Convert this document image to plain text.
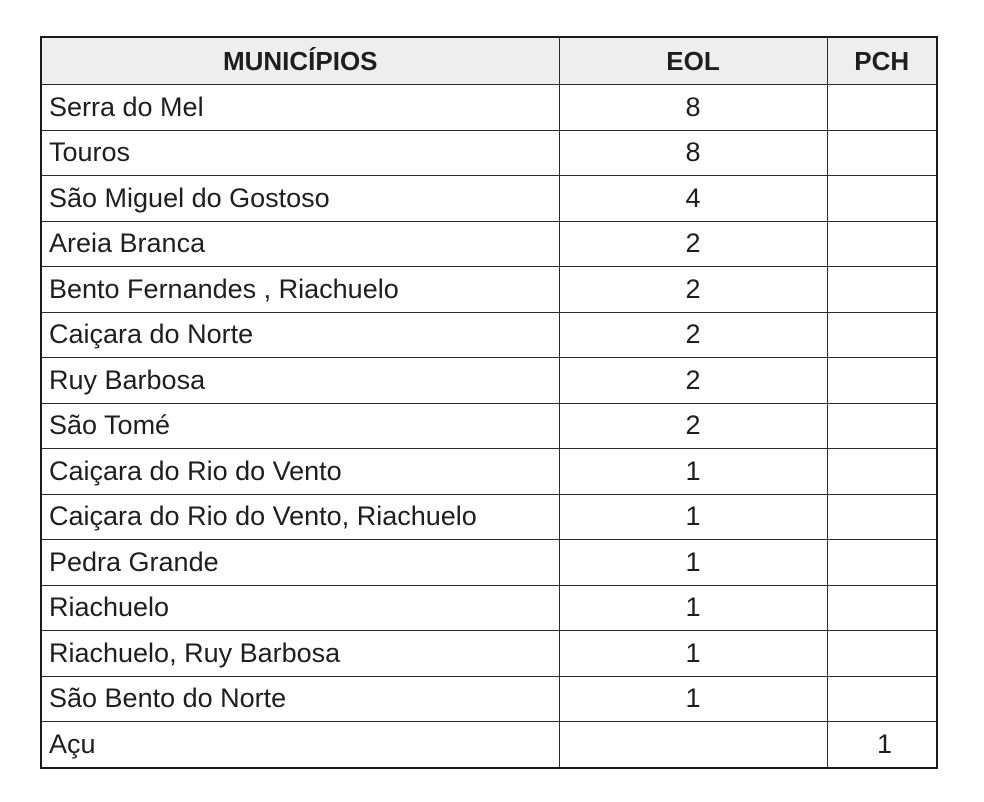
MUNICÍPIOS	EOL	PCH
Serra do Mel	8	
Touros	8	
São Miguel do Gostoso	4	
Areia Branca	2	
Bento Fernandes , Riachuelo	2	
Caiçara do Norte	2	
Ruy Barbosa	2	
São Tomé	2	
Caiçara do Rio do Vento	1	
Caiçara do Rio do Vento, Riachuelo	1	
Pedra Grande	1	
Riachuelo	1	
Riachuelo, Ruy Barbosa	1	
São Bento do Norte	1	
Açu		1
